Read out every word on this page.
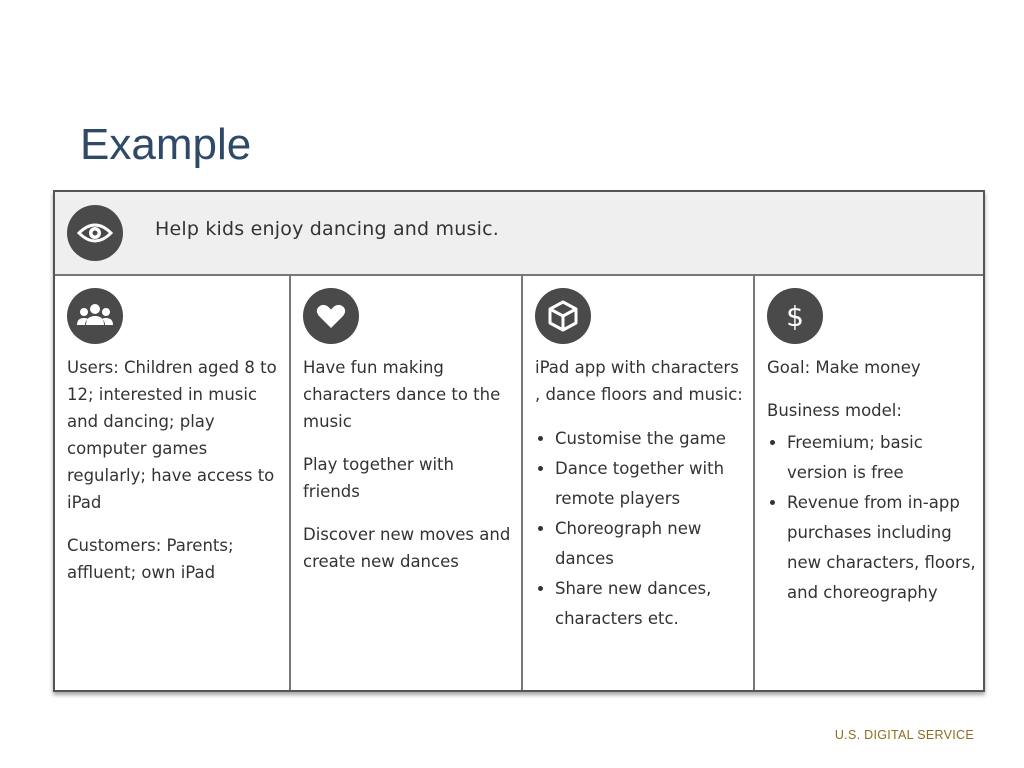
Example
Help kids enjoy dancing and music.

Users: Children aged 8 to 12; interested in music and dancing; play computer games regularly; have access to iPad

Customers: Parents; affluent; own iPad

Have fun making characters dance to the music

Play together with friends

Discover new moves and create new dances

iPad app with characters , dance floors and music:

• Customise the game
• Dance together with remote players
• Choreograph new dances
• Share new dances, characters etc.
$

Goal: Make money

Business model:

• Freemium; basic version is free
• Revenue from in-app purchases including new characters, floors, and choreography
U.S. DIGITAL SERVICE
